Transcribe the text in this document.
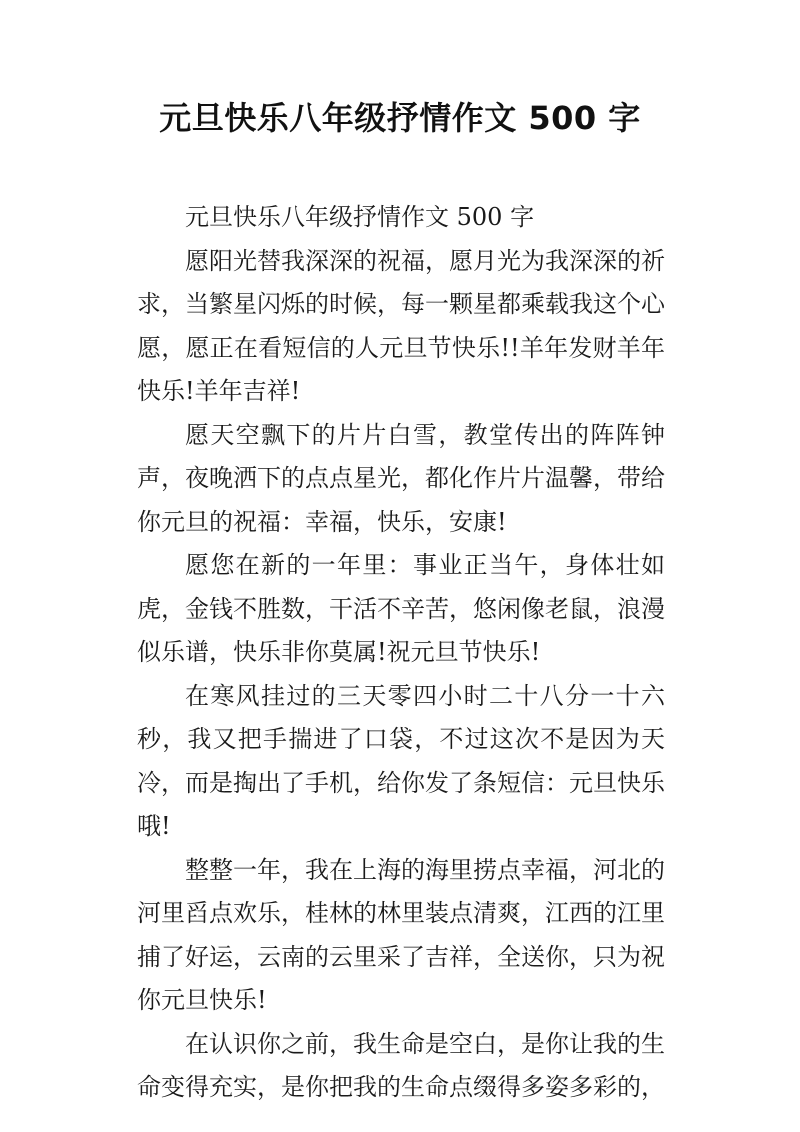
元旦快乐八年级抒情作文 500 字

元旦快乐八年级抒情作文 500 字

愿阳光替我深深的祝福，愿月光为我深深的祈求，当繁星闪烁的时候，每一颗星都乘载我这个心愿，愿正在看短信的人元旦节快乐!!羊年发财羊年快乐!羊年吉祥!

愿天空飘下的片片白雪，教堂传出的阵阵钟声，夜晚洒下的点点星光，都化作片片温馨，带给你元旦的祝福：幸福，快乐，安康!

愿您在新的一年里：事业正当午，身体壮如虎，金钱不胜数，干活不辛苦，悠闲像老鼠，浪漫似乐谱，快乐非你莫属!祝元旦节快乐!

在寒风挂过的三天零四小时二十八分一十六秒，我又把手揣进了口袋，不过这次不是因为天冷，而是掏出了手机，给你发了条短信：元旦快乐哦!

整整一年，我在上海的海里捞点幸福，河北的河里舀点欢乐，桂林的林里装点清爽，江西的江里捕了好运，云南的云里采了吉祥，全送你，只为祝你元旦快乐!

在认识你之前，我生命是空白，是你让我的生命变得充实，是你把我的生命点缀得多姿多彩的，
